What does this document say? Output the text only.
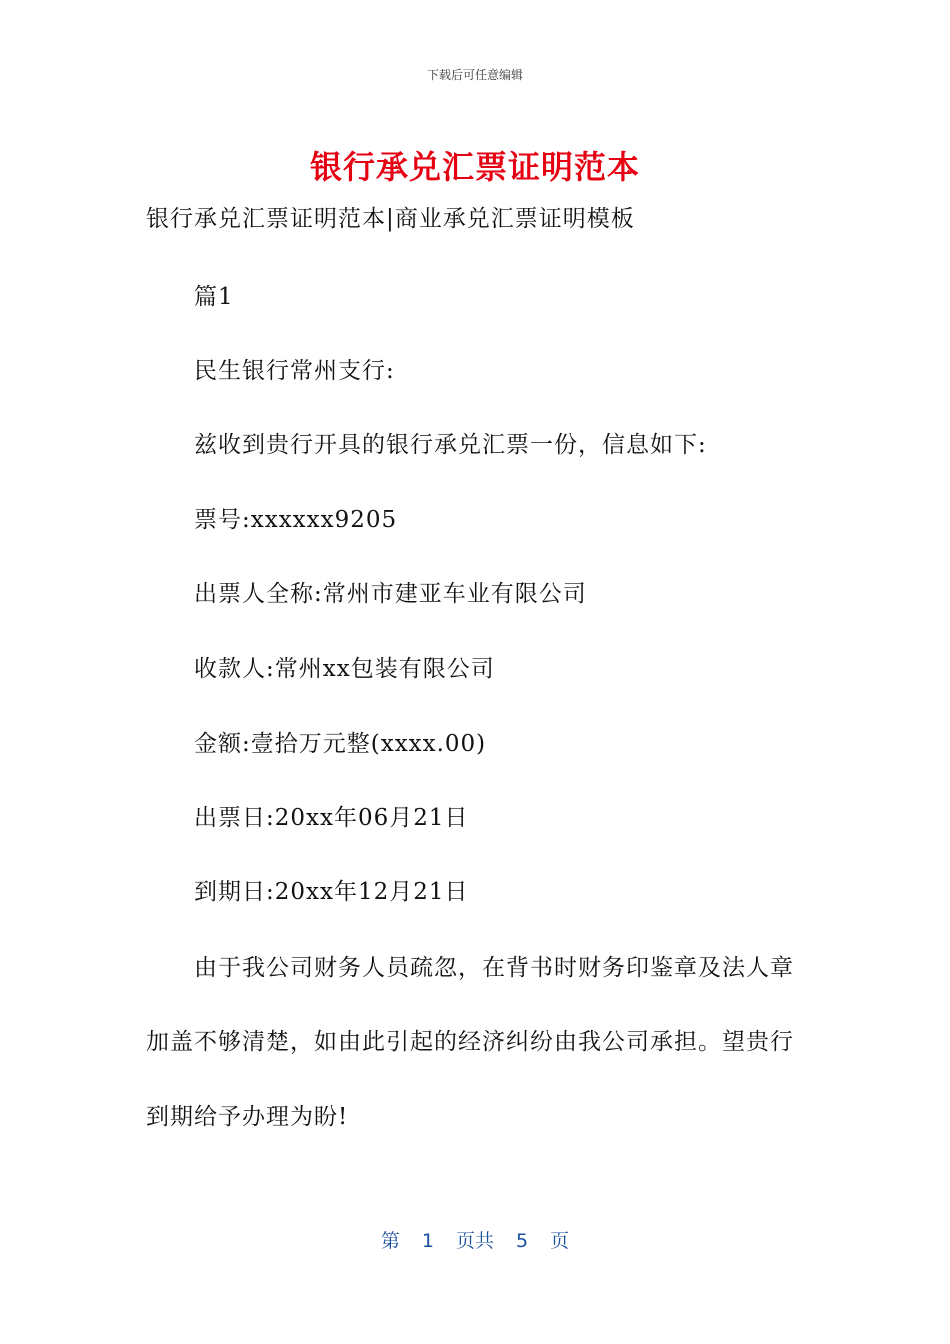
下载后可任意编辑
银行承兑汇票证明范本
银行承兑汇票证明范本|商业承兑汇票证明模板
篇1
民生银行常州支行:
兹收到贵行开具的银行承兑汇票一份，信息如下:
票号:xxxxxx9205
出票人全称:常州市建亚车业有限公司
收款人:常州xx包装有限公司
金额:壹拾万元整(xxxx.00)
出票日:20xx年06月21日
到期日:20xx年12月21日
由于我公司财务人员疏忽，在背书时财务印鉴章及法人章
加盖不够清楚，如由此引起的经济纠纷由我公司承担。望贵行
到期给予办理为盼!
第 1 页共 5 页
